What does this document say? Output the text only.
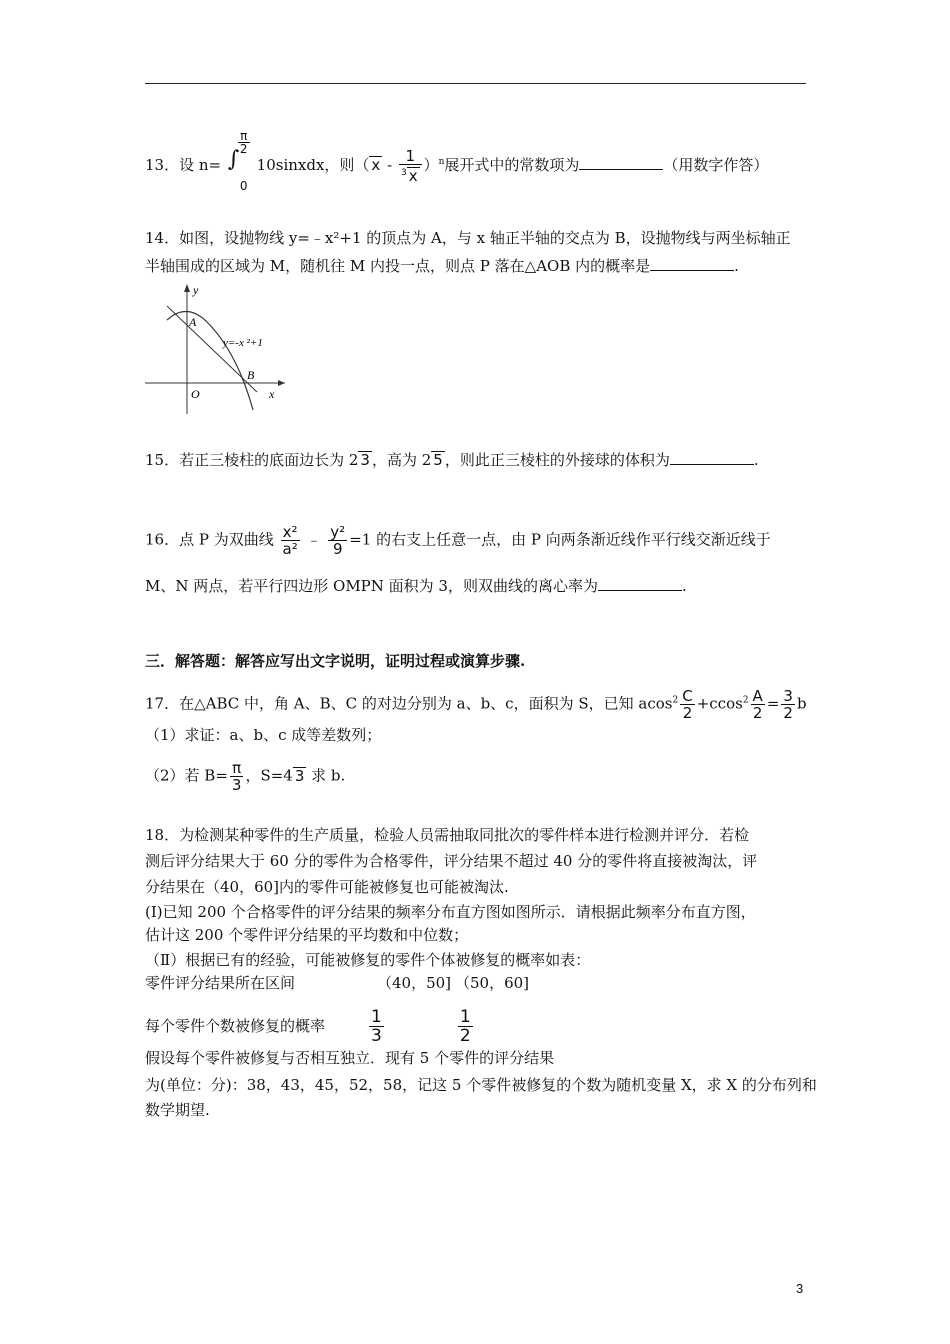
13．设 n= ∫
$\frac{\pi}{2}$
0
10sinxdx，则（ x - $\frac{1}{^3 x} )^n$展开式中的常数项为	（用数字作答）
14．如图，设抛物线 y=﹣x²+1 的顶点为 A，与 x 轴正半轴的交点为 B，设抛物线与两坐标轴正
半轴围成的区域为 M，随机往 M 内投一点，则点 P 落在△AOB 内的概率是	.
y
x
A
B
O
y=-x ²+1
15．若正三棱柱的底面边长为 2 3 ，高为 2 5 ，则此正三棱柱的外接球的体积为	.
16．点 P 为双曲线 $\frac{\text{x²}}{\text{a²}}$ ﹣ $\frac{\text{y²}}{9} =1$ 的右支上任意一点，由 P 向两条渐近线作平行线交渐近线于
M、N 两点，若平行四边形 OMPN 面积为 3，则双曲线的离心率为	.
三．解答题：解答应写出文字说明，证明过程或演算步骤.
17．在△ABC 中，角 A、B、C 的对边分别为 a、b、c，面积为 S，已知 $acos^2 \frac{C}{2} +ccos^2 \frac{A}{2} = \frac{3}{2}$ b
（1）求证：a、b、c 成等差数列；
（2）若 $B= \frac{\pi}{3}$ ，S=4 3 求 b.
18．为检测某种零件的生产质量，检验人员需抽取同批次的零件样本进行检测并评分．若检
测后评分结果大于 60 分的零件为合格零件，评分结果不超过 40 分的零件将直接被淘汰，评
分结果在（40，60]内的零件可能被修复也可能被淘汰.
(I)已知 200 个合格零件的评分结果的频率分布直方图如图所示．请根据此频率分布直方图，
估计这 200 个零件评分结果的平均数和中位数；
（Ⅱ）根据已有的经验，可能被修复的零件个体被修复的概率如表：
零件评分结果所在区间	（40，50] （50，60]
每个零件个数被修复的概率	$\frac{1}{3}$	$\frac{1}{2}$
假设每个零件被修复与否相互独立．现有 5 个零件的评分结果
为(单位：分)：38，43，45，52，58，记这 5 个零件被修复的个数为随机变量 X，求 X 的分布列和
数学期望.
3
